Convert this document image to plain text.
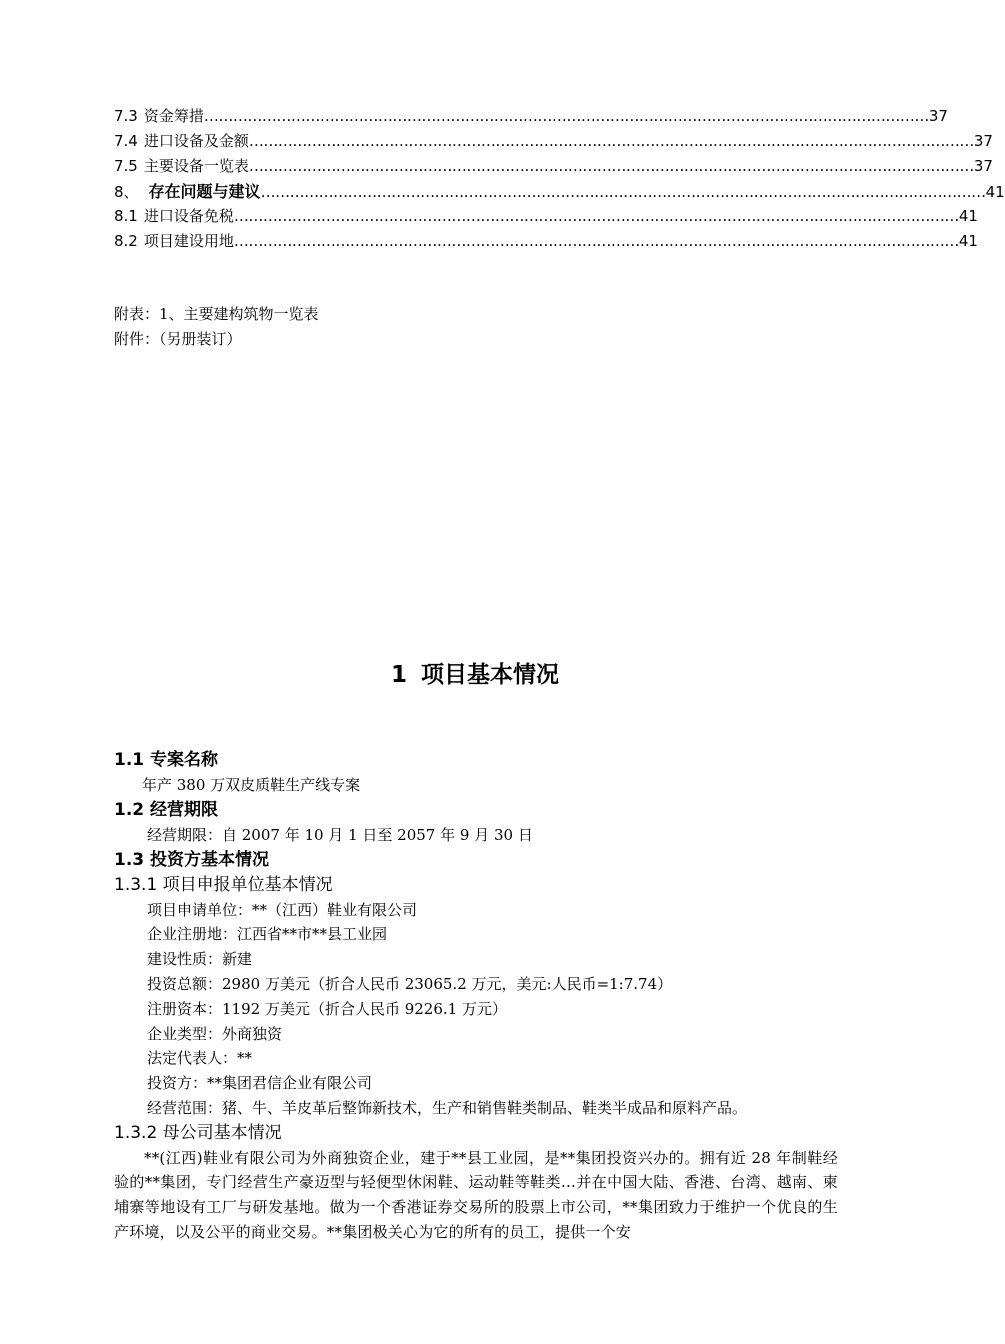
7.3 资金筹措 …………………………………………………………………………………………………………………………………… 37
7.4 进口设备及金额 …………………………………………………………………………………………………………………………………… 37
7.5 主要设备一览表 …………………………………………………………………………………………………………………………………… 37
8、 存在问题与建议 …………………………………………………………………………………………………………………………………… 41
8.1 进口设备免税 …………………………………………………………………………………………………………………………………… 41
8.2 项目建设用地 …………………………………………………………………………………………………………………………………… 41
附表：1、主要建构筑物一览表
附件：（另册装订）
1 项目基本情况
1.1 专案名称
年产 380 万双皮质鞋生产线专案
1.2 经营期限
经营期限：自 2007 年 10 月 1 日至 2057 年 9 月 30 日
1.3 投资方基本情况
1.3.1 项目申报单位基本情况
项目申请单位：**（江西）鞋业有限公司
企业注册地：江西省**市**县工业园
建设性质：新建
投资总额：2980 万美元（折合人民币 23065.2 万元，美元:人民币=1:7.74）
注册资本：1192 万美元（折合人民币 9226.1 万元）
企业类型：外商独资
法定代表人：**
投资方：**集团君信企业有限公司
经营范围：猪、牛、羊皮革后整饰新技术，生产和销售鞋类制品、鞋类半成品和原料产品。
1.3.2 母公司基本情况
**(江西)鞋业有限公司为外商独资企业，建于**县工业园，是**集团投资兴办的。拥有近 28 年制鞋经验的**集团，专门经营生产豪迈型与轻便型休闲鞋、运动鞋等鞋类…并在中国大陆、香港、台湾、越南、柬埔寨等地设有工厂与研发基地。做为一个香港证券交易所的股票上市公司，**集团致力于维护一个优良的生产环境，以及公平的商业交易。**集团极关心为它的所有的员工，提供一个安
